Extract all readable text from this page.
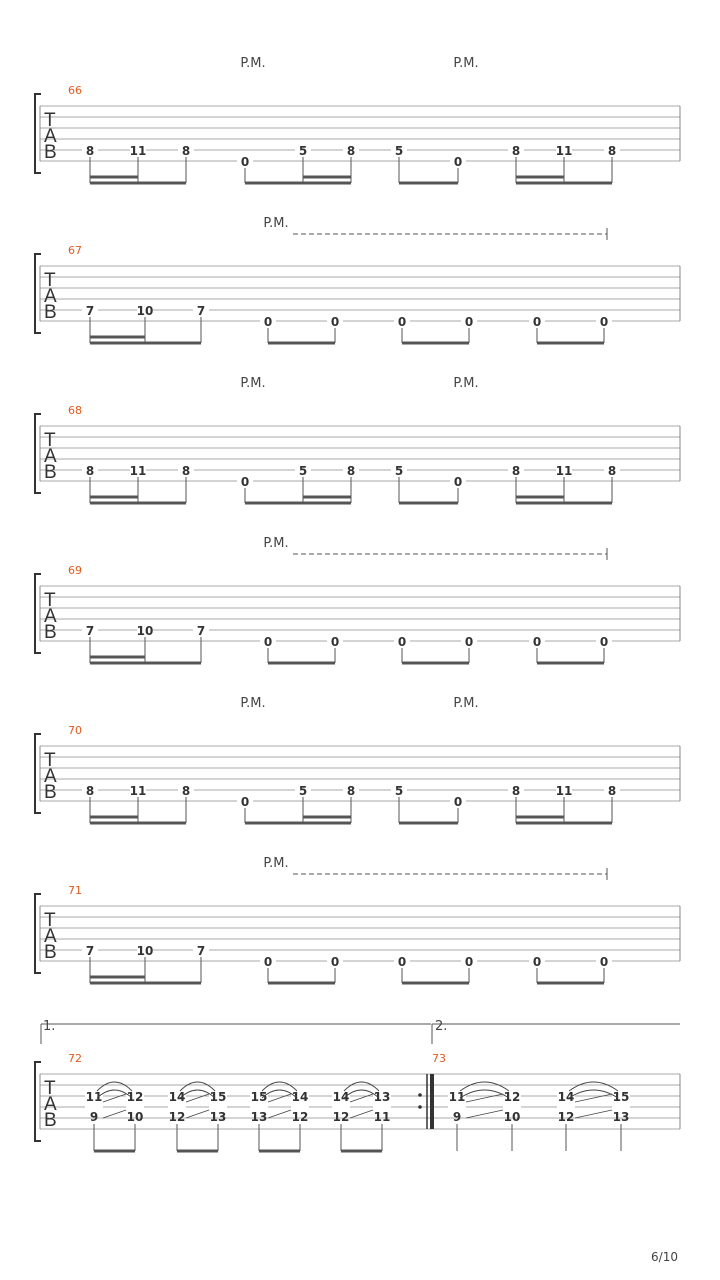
T
A
B
66
P.M.	P.M.
8	11	8
0
5	8	5
0
8	11	8
T
A
B
67
P.M.
7	10	7
0	0	0	0	0	0
T
A
B
68
P.M.	P.M.
8	11	8
0
5	8	5
0
8	11	8
T
A
B
69
P.M.
7	10	7
0	0	0	0	0	0
T
A
B
70
P.M.	P.M.
8	11	8
0
5	8	5
0
8	11	8
T
A
B
71
P.M.
7	10	7
0	0	0	0	0	0
T
A
B
1.	2.
72	73
11
9
12
10
14
12
15
13
15
13
14
12
14
12
13
11
11
9
12
10
14
12
15
13
6/10
